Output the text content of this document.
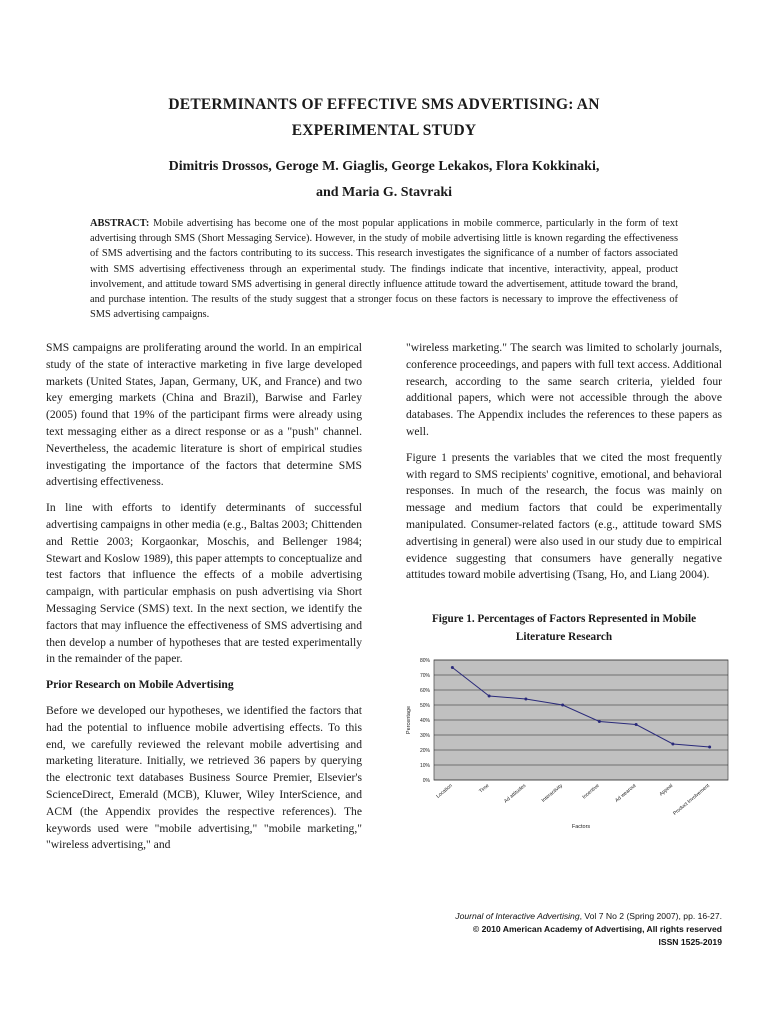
DETERMINANTS OF EFFECTIVE SMS ADVERTISING: AN
EXPERIMENTAL STUDY
Dimitris Drossos, Geroge M. Giaglis, George Lekakos, Flora Kokkinaki,
and Maria G. Stavraki
ABSTRACT: Mobile advertising has become one of the most popular applications in mobile commerce, particularly in the form of text advertising through SMS (Short Messaging Service). However, in the study of mobile advertising little is known regarding the effectiveness of SMS advertising and the factors contributing to its success. This research investigates the significance of a number of factors associated with SMS advertising effectiveness through an experimental study. The findings indicate that incentive, interactivity, appeal, product involvement, and attitude toward SMS advertising in general directly influence attitude toward the advertisement, attitude toward the brand, and purchase intention. The results of the study suggest that a stronger focus on these factors is necessary to improve the effectiveness of SMS advertising campaigns.

SMS campaigns are proliferating around the world. In an empirical study of the state of interactive marketing in five large developed markets (United States, Japan, Germany, UK, and France) and two key emerging markets (China and Brazil), Barwise and Farley (2005) found that 19% of the participant firms were already using text messaging either as a direct response or as a "push" channel. Nevertheless, the academic literature is short of empirical studies investigating the importance of the factors that determine SMS advertising effectiveness.

In line with efforts to identify determinants of successful advertising campaigns in other media (e.g., Baltas 2003; Chittenden and Rettie 2003; Korgaonkar, Moschis, and Bellenger 1984; Stewart and Koslow 1989), this paper attempts to conceptualize and test factors that influence the effects of a mobile advertising campaign, with particular emphasis on push advertising via Short Messaging Service (SMS) text. In the next section, we identify the factors that may influence the effectiveness of SMS advertising and then develop a number of hypotheses that are tested experimentally in the remainder of the paper.

Prior Research on Mobile Advertising

Before we developed our hypotheses, we identified the factors that had the potential to influence mobile advertising effects. To this end, we carefully reviewed the relevant mobile advertising and marketing literature. Initially, we retrieved 36 papers by querying the electronic text databases Business Source Premier, Elsevier's ScienceDirect, Emerald (MCB), Kluwer, Wiley InterScience, and ACM (the Appendix provides the respective references). The keywords used were "mobile advertising," "mobile marketing," "wireless advertising," and

"wireless marketing." The search was limited to scholarly journals, conference proceedings, and papers with full text access. Additional research, according to the same search criteria, yielded four additional papers, which were not accessible through the above databases. The Appendix includes the references to these papers as well.

Figure 1 presents the variables that we cited the most frequently with regard to SMS recipients' cognitive, emotional, and behavioral responses. In much of the research, the focus was mainly on message and medium factors that could be experimentally manipulated. Consumer-related factors (e.g., attitude toward SMS advertising in general) were also used in our study due to empirical evidence suggesting that consumers have generally negative attitudes toward mobile advertising (Tsang, Ho, and Liang 2004).

Figure 1. Percentages of Factors Represented in Mobile
Literature Research
0%
10%
20%
30%
40%
50%
60%
70%
80%
Location	Time	Ad attitudes	Interactivity	Incentive	Ad wearout	Appeal
Product Involvement
Factors
Percentage
Journal of Interactive Advertising, Vol 7 No 2 (Spring 2007), pp. 16-27.
© 2010 American Academy of Advertising, All rights reserved
ISSN 1525-2019
